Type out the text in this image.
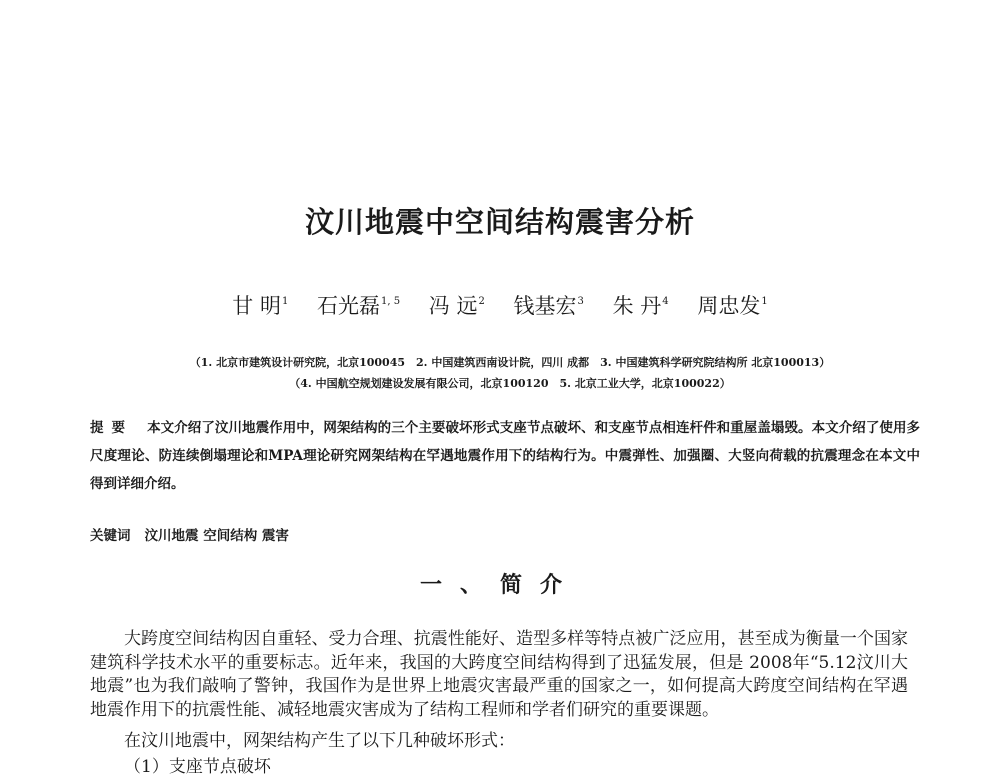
汶川地震中空间结构震害分析
甘 明$^1$ 石光磊$^{1, 5}$ 冯 远$^2$ 钱基宏$^3$ 朱 丹$^4$ 周忠发$^1$
（1. 北京市建筑设计研究院，北京100045　2. 中国建筑西南设计院，四川 成都　3. 中国建筑科学研究院结构所 北京100013）
（4. 中国航空规划建设发展有限公司，北京100120　5. 北京工业大学，北京100022）

提要 本文介绍了汶川地震作用中，网架结构的三个主要破坏形式支座节点破坏、和支座节点相连杆件和重屋盖塌毁。本文介绍了使用多尺度理论、防连续倒塌理论和MPA理论研究网架结构在罕遇地震作用下的结构行为。中震弹性、加强圈、大竖向荷载的抗震理念在本文中得到详细介绍。

关键词 汶川地震 空间结构 震害

一、简介

大跨度空间结构因自重轻、受力合理、抗震性能好、造型多样等特点被广泛应用，甚至成为衡量一个国家建筑科学技术水平的重要标志。近年来，我国的大跨度空间结构得到了迅猛发展，但是 2008年“5.12汶川大地震”也为我们敲响了警钟，我国作为是世界上地震灾害最严重的国家之一，如何提高大跨度空间结构在罕遇地震作用下的抗震性能、减轻地震灾害成为了结构工程师和学者们研究的重要课题。

在汶川地震中，网架结构产生了以下几种破坏形式：

（1）支座节点破坏
